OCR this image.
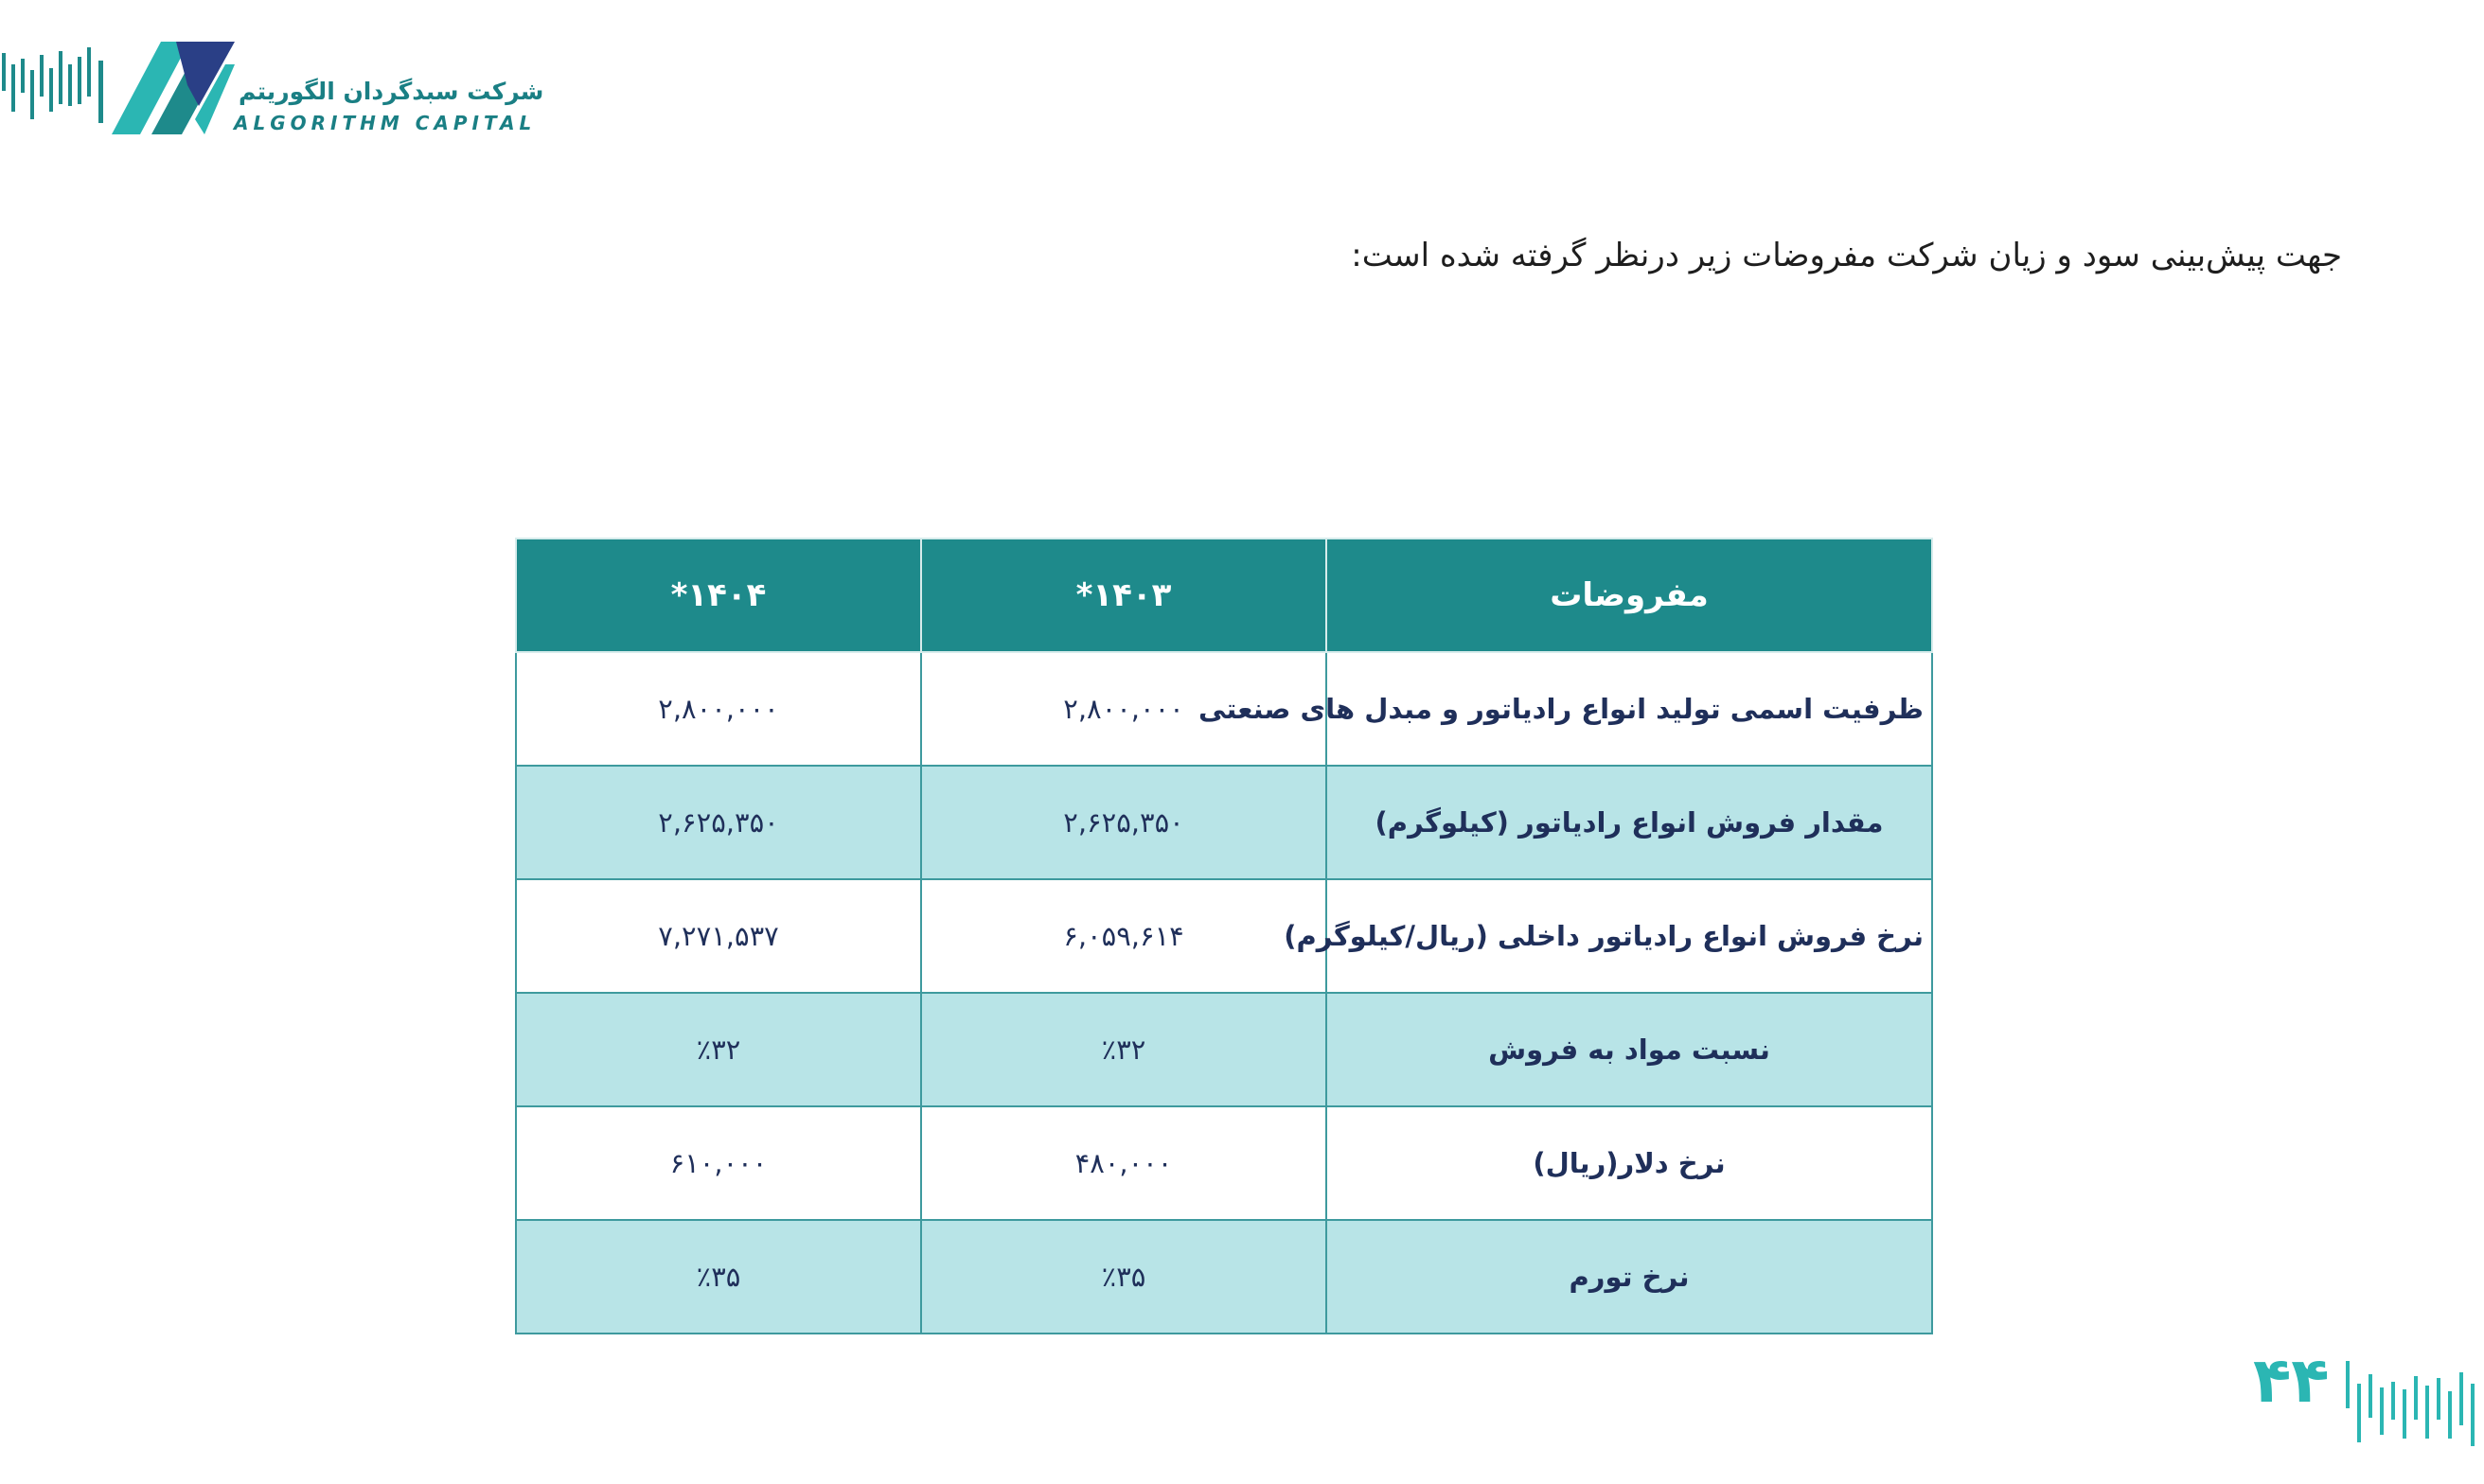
شرکت سبدگردان الگوریتم
ALGORITHM CAPITAL
جهت پیش‌بینی سود و زیان شرکت مفروضات زیر درنظر گرفته شده است:
مفروضات	۱۴۰۳*	۱۴۰۴*
ظرفیت اسمی تولید انواع رادیاتور و مبدل های صنعتی	۲,۸۰۰,۰۰۰	۲,۸۰۰,۰۰۰
مقدار فروش انواع رادیاتور (کیلوگرم)	۲,۶۲۵,۳۵۰	۲,۶۲۵,۳۵۰
نرخ فروش انواع رادیاتور داخلی (ریال/کیلوگرم)	۶,۰۵۹,۶۱۴	۷,۲۷۱,۵۳۷
نسبت مواد به فروش	٪۳۲	٪۳۲
نرخ دلار(ریال)	۴۸۰,۰۰۰	۶۱۰,۰۰۰
نرخ تورم	٪۳۵	٪۳۵
۴۴
